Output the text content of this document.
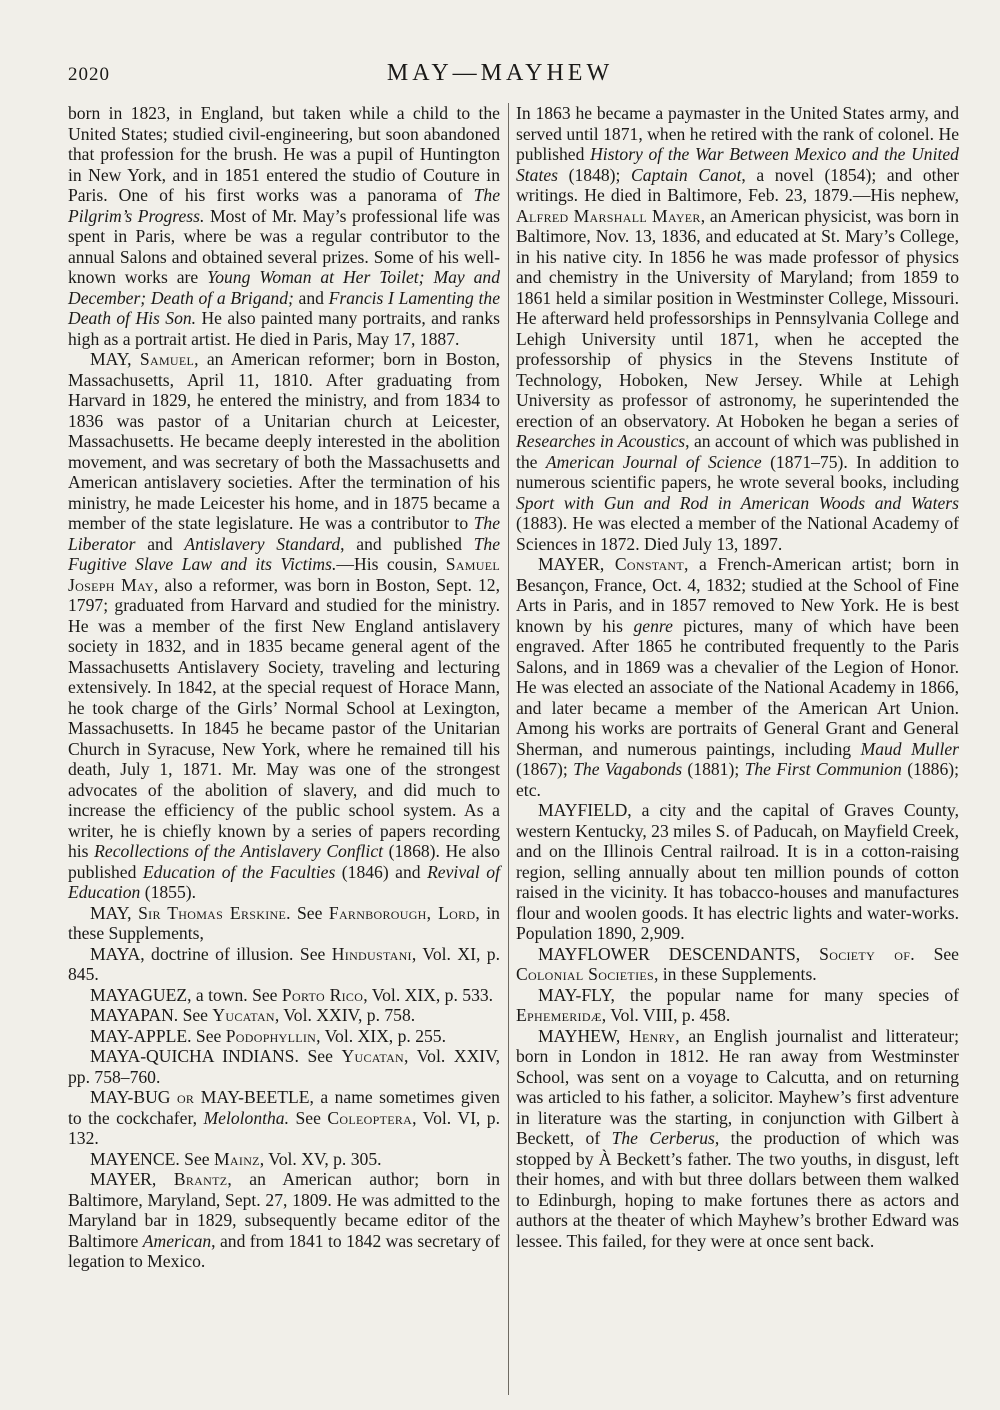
2020	MAY—MAYHEW

born in 1823, in England, but taken while a child to the United States; studied civil-engineering, but soon abandoned that profession for the brush. He was a pupil of Huntington in New York, and in 1851 entered the studio of Couture in Paris. One of his first works was a panorama of The Pilgrim’s Progress. Most of Mr. May’s professional life was spent in Paris, where be was a regular contributor to the annual Salons and obtained several prizes. Some of his well-known works are Young Woman at Her Toilet; May and December; Death of a Brigand; and Francis I Lamenting the Death of His Son. He also painted many portraits, and ranks high as a portrait artist. He died in Paris, May 17, 1887.

MAY, Samuel, an American reformer; born in Boston, Massachusetts, April 11, 1810. After graduating from Harvard in 1829, he entered the ministry, and from 1834 to 1836 was pastor of a Unitarian church at Leicester, Massachusetts. He became deeply interested in the abolition movement, and was secretary of both the Massachusetts and American antislavery societies. After the termination of his ministry, he made Leicester his home, and in 1875 became a member of the state legislature. He was a contributor to The Liberator and Antislavery Standard, and published The Fugitive Slave Law and its Victims.—His cousin, Samuel Joseph May, also a reformer, was born in Boston, Sept. 12, 1797; graduated from Harvard and studied for the ministry. He was a member of the first New England antislavery society in 1832, and in 1835 became general agent of the Massachusetts Antislavery Society, traveling and lecturing extensively. In 1842, at the special request of Horace Mann, he took charge of the Girls’ Normal School at Lexington, Massachusetts. In 1845 he became pastor of the Unitarian Church in Syracuse, New York, where he remained till his death, July 1, 1871. Mr. May was one of the strongest advocates of the abolition of slavery, and did much to increase the efficiency of the public school system. As a writer, he is chiefly known by a series of papers recording his Recollections of the Antislavery Conflict (1868). He also published Education of the Faculties (1846) and Revival of Education (1855).

MAY, Sir Thomas Erskine. See Farnborough, Lord, in these Supplements,

MAYA, doctrine of illusion. See Hindustani, Vol. XI, p. 845.

MAYAGUEZ, a town. See Porto Rico, Vol. XIX, p. 533.

MAYAPAN. See Yucatan, Vol. XXIV, p. 758.

MAY-APPLE. See Podophyllin, Vol. XIX, p. 255.

MAYA-QUICHA INDIANS. See Yucatan, Vol. XXIV, pp. 758–760.

MAY-BUG or MAY-BEETLE, a name sometimes given to the cockchafer, Melolontha. See Coleoptera, Vol. VI, p. 132.

MAYENCE. See Mainz, Vol. XV, p. 305.

MAYER, Brantz, an American author; born in Baltimore, Maryland, Sept. 27, 1809. He was admitted to the Maryland bar in 1829, subsequently became editor of the Baltimore American, and from 1841 to 1842 was secretary of legation to Mexico.

In 1863 he became a paymaster in the United States army, and served until 1871, when he retired with the rank of colonel. He published History of the War Between Mexico and the United States (1848); Captain Canot, a novel (1854); and other writings. He died in Baltimore, Feb. 23, 1879.—His nephew, Alfred Marshall Mayer, an American physicist, was born in Baltimore, Nov. 13, 1836, and educated at St. Mary’s College, in his native city. In 1856 he was made professor of physics and chemistry in the University of Maryland; from 1859 to 1861 held a similar position in Westminster College, Missouri. He afterward held professorships in Pennsylvania College and Lehigh University until 1871, when he accepted the professorship of physics in the Stevens Institute of Technology, Hoboken, New Jersey. While at Lehigh University as professor of astronomy, he superintended the erection of an observatory. At Hoboken he began a series of Researches in Acoustics, an account of which was published in the American Journal of Science (1871–75). In addition to numerous scientific papers, he wrote several books, including Sport with Gun and Rod in American Woods and Waters (1883). He was elected a member of the National Academy of Sciences in 1872. Died July 13, 1897.

MAYER, Constant, a French-American artist; born in Besançon, France, Oct. 4, 1832; studied at the School of Fine Arts in Paris, and in 1857 removed to New York. He is best known by his genre pictures, many of which have been engraved. After 1865 he contributed frequently to the Paris Salons, and in 1869 was a chevalier of the Legion of Honor. He was elected an associate of the National Academy in 1866, and later became a member of the American Art Union. Among his works are portraits of General Grant and General Sherman, and numerous paintings, including Maud Muller (1867); The Vagabonds (1881); The First Communion (1886); etc.

MAYFIELD, a city and the capital of Graves County, western Kentucky, 23 miles S. of Paducah, on Mayfield Creek, and on the Illinois Central railroad. It is in a cotton-raising region, selling annually about ten million pounds of cotton raised in the vicinity. It has tobacco-houses and manufactures flour and woolen goods. It has electric lights and water-works. Population 1890, 2,909.

MAYFLOWER DESCENDANTS, Society of. See Colonial Societies, in these Supplements.

MAY-FLY, the popular name for many species of Ephemeridæ, Vol. VIII, p. 458.

MAYHEW, Henry, an English journalist and litterateur; born in London in 1812. He ran away from Westminster School, was sent on a voyage to Calcutta, and on returning was articled to his father, a solicitor. Mayhew’s first adventure in literature was the starting, in conjunction with Gilbert à Beckett, of The Cerberus, the production of which was stopped by À Beckett’s father. The two youths, in disgust, left their homes, and with but three dollars between them walked to Edinburgh, hoping to make fortunes there as actors and authors at the theater of which Mayhew’s brother Edward was lessee. This failed, for they were at once sent back.
